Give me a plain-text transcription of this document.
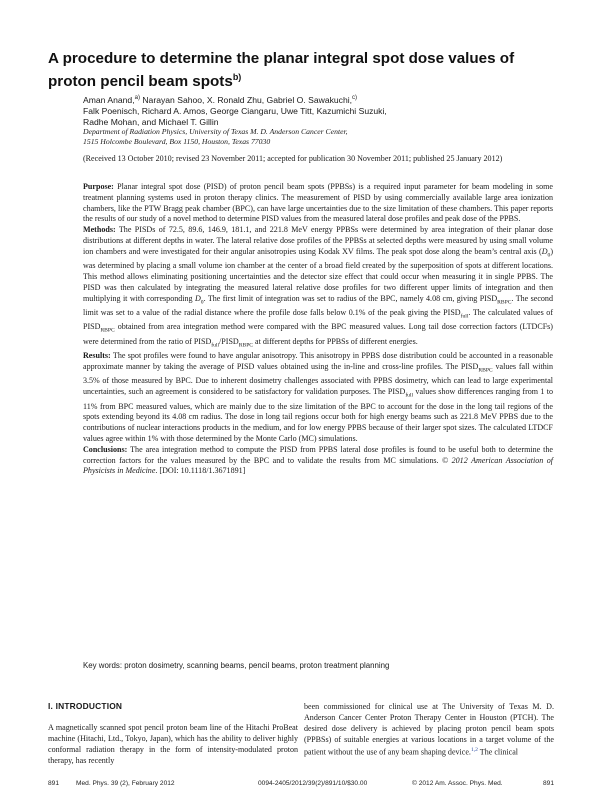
A procedure to determine the planar integral spot dose values of
proton pencil beam spots$^{b)}$
Aman Anand,$^{a)}$ Narayan Sahoo, X. Ronald Zhu, Gabriel O. Sawakuchi,$^{c)}$
Falk Poenisch, Richard A. Amos, George Ciangaru, Uwe Titt, Kazumichi Suzuki,
Radhe Mohan, and Michael T. Gillin
Department of Radiation Physics, University of Texas M. D. Anderson Cancer Center,
1515 Holcombe Boulevard, Box 1150, Houston, Texas 77030
(Received 13 October 2010; revised 23 November 2011; accepted for publication 30 November 2011; published 25 January 2012)

Purpose: Planar integral spot dose (PISD) of proton pencil beam spots (PPBSs) is a required input parameter for beam modeling in some treatment planning systems used in proton therapy clinics. The measurement of PISD by using commercially available large area ionization chambers, like the PTW Bragg peak chamber (BPC), can have large uncertainties due to the size limitation of these chambers. This paper reports the results of our study of a novel method to determine PISD values from the measured lateral dose profiles and peak dose of the PPBS.

Methods: The PISDs of 72.5, 89.6, 146.9, 181.1, and 221.8 MeV energy PPBSs were determined by area integration of their planar dose distributions at different depths in water. The lateral relative dose profiles of the PPBSs at selected depths were measured by using small volume ion chambers and were investigated for their angular anisotropies using Kodak XV films. The peak spot dose along the beam’s central axis $(D_0)$ was determined by placing a small volume ion chamber at the center of a broad field created by the superposition of spots at different locations. This method allows eliminating positioning uncertainties and the detector size effect that could occur when measuring it in single PPBS. The PISD was then calculated by integrating the measured lateral relative dose profiles for two different upper limits of integration and then multiplying it with corresponding $D_0$. The first limit of integration was set to radius of the BPC, namely 4.08 cm, giving $PISD_{RBPC}$. The second limit was set to a value of the radial distance where the profile dose falls below 0.1% of the peak giving the $PISD_{full}$. The calculated values of $PISD_{RBPC}$ obtained from area integration method were compared with the BPC measured values. Long tail dose correction factors (LTDCFs) were determined from the ratio of $PISD_{full}/PISD_{RBPC}$ at different depths for PPBSs of different energies.

Results: The spot profiles were found to have angular anisotropy. This anisotropy in PPBS dose distribution could be accounted in a reasonable approximate manner by taking the average of PISD values obtained using the in-line and cross-line profiles. The $PISD_{RBPC}$ values fall within 3.5% of those measured by BPC. Due to inherent dosimetry challenges associated with PPBS dosimetry, which can lead to large experimental uncertainties, such an agreement is considered to be satisfactory for validation purposes. The $PISD_{full}$ values show differences ranging from 1 to 11% from BPC measured values, which are mainly due to the size limitation of the BPC to account for the dose in the long tail regions of the spots extending beyond its 4.08 cm radius. The dose in long tail regions occur both for high energy beams such as 221.8 MeV PPBS due to the contributions of nuclear interactions products in the medium, and for low energy PPBS because of their larger spot sizes. The calculated LTDCF values agree within 1% with those determined by the Monte Carlo (MC) simulations.

Conclusions: The area integration method to compute the PISD from PPBS lateral dose profiles is found to be useful both to determine the correction factors for the values measured by the BPC and to validate the results from MC simulations. © 2012 American Association of Physicists in Medicine. [DOI: 10.1118/1.3671891]

Key words: proton dosimetry, scanning beams, pencil beams, proton treatment planning
I. INTRODUCTION
A magnetically scanned spot pencil proton beam line of the Hitachi ProBeat machine (Hitachi, Ltd., Tokyo, Japan), which has the ability to deliver highly conformal radiation therapy in the form of intensity-modulated proton therapy, has recently
been commissioned for clinical use at The University of Texas M. D. Anderson Cancer Center Proton Therapy Center in Houston (PTCH). The desired dose delivery is achieved by placing proton pencil beam spots (PPBSs) of suitable energies at various locations in a target volume of the patient without the use of any beam shaping device.$^{1,2}$ The clinical
891	Med. Phys. 39 (2), February 2012	0094-2405/2012/39(2)/891/10/$30.00	© 2012 Am. Assoc. Phys. Med.	891
